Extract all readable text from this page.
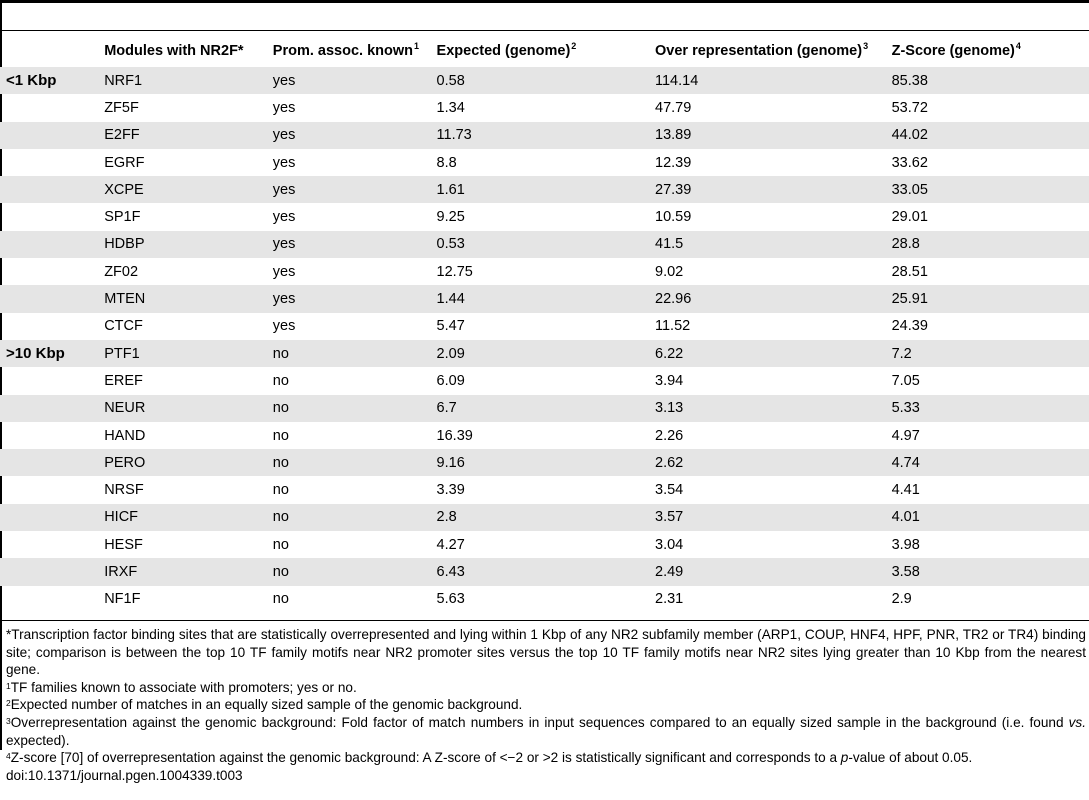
	Modules with NR2F*	Prom. assoc. known$^1$	Expected (genome)$^2$	Over representation (genome)$^3$	Z-Score (genome)$^4$	
<1 Kbp	NRF1	yes	0.58	114.14	85.38	
	ZF5F	yes	1.34	47.79	53.72	
	E2FF	yes	11.73	13.89	44.02	
	EGRF	yes	8.8	12.39	33.62	
	XCPE	yes	1.61	27.39	33.05	
	SP1F	yes	9.25	10.59	29.01	
	HDBP	yes	0.53	41.5	28.8	
	ZF02	yes	12.75	9.02	28.51	
	MTEN	yes	1.44	22.96	25.91	
	CTCF	yes	5.47	11.52	24.39	
>10 Kbp	PTF1	no	2.09	6.22	7.2	
	EREF	no	6.09	3.94	7.05	
	NEUR	no	6.7	3.13	5.33	
	HAND	no	16.39	2.26	4.97	
	PERO	no	9.16	2.62	4.74	
	NRSF	no	3.39	3.54	4.41	
	HICF	no	2.8	3.57	4.01	
	HESF	no	4.27	3.04	3.98	
	IRXF	no	6.43	2.49	3.58	
	NF1F	no	5.63	2.31	2.9	

*Transcription factor binding sites that are statistically overrepresented and lying within 1 Kbp of any NR2 subfamily member (ARP1, COUP, HNF4, HPF, PNR, TR2 or TR4) binding site; comparison is between the top 10 TF family motifs near NR2 promoter sites versus the top 10 TF family motifs near NR2 sites lying greater than 10 Kbp from the nearest gene.

$^1$TF families known to associate with promoters; yes or no.

$^2$Expected number of matches in an equally sized sample of the genomic background.

$^3$Overrepresentation against the genomic background: Fold factor of match numbers in input sequences compared to an equally sized sample in the background (i.e. found vs. expected).

$^4$Z-score [70] of overrepresentation against the genomic background: A Z-score of <−2 or >2 is statistically significant and corresponds to a p-value of about 0.05.

doi:10.1371/journal.pgen.1004339.t003
